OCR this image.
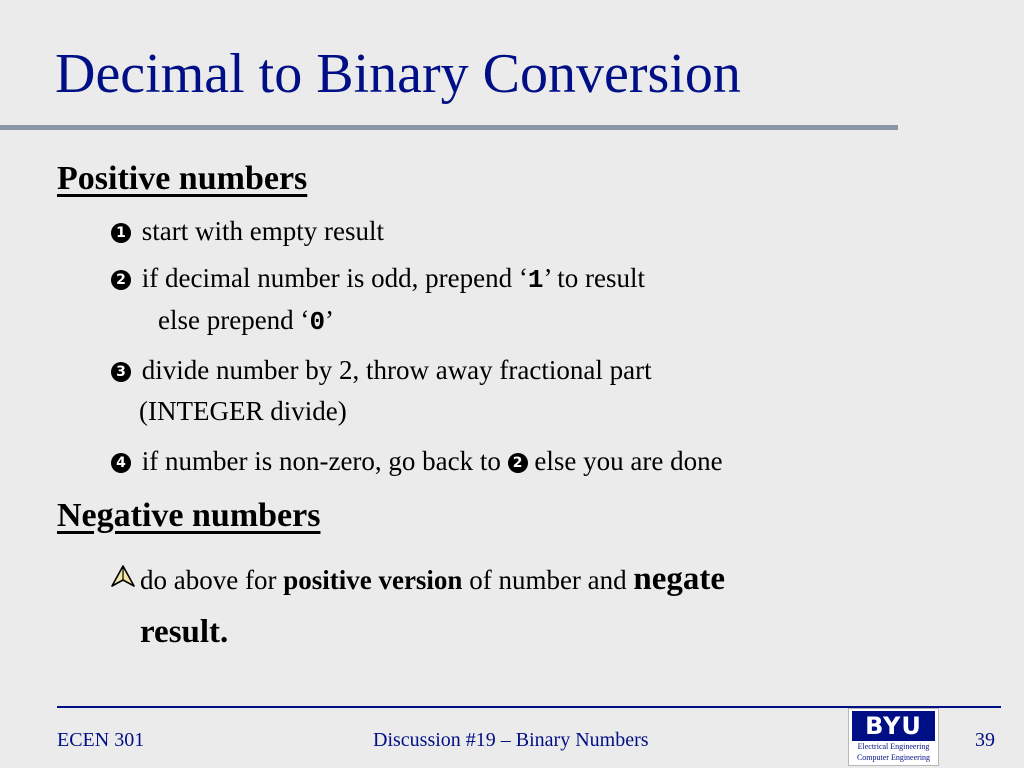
Decimal to Binary Conversion
Positive numbers
1 start with empty result
2 if decimal number is odd, prepend ‘1’ to result
else prepend ‘0’
3 divide number by 2, throw away fractional part
(INTEGER divide)
4 if number is non-zero, go back to 2 else you are done
Negative numbers
do above for positive version of number and negate
result.
ECEN 301	Discussion #19 – Binary Numbers	39
BYU
Electrical Engineering
Computer Engineering
